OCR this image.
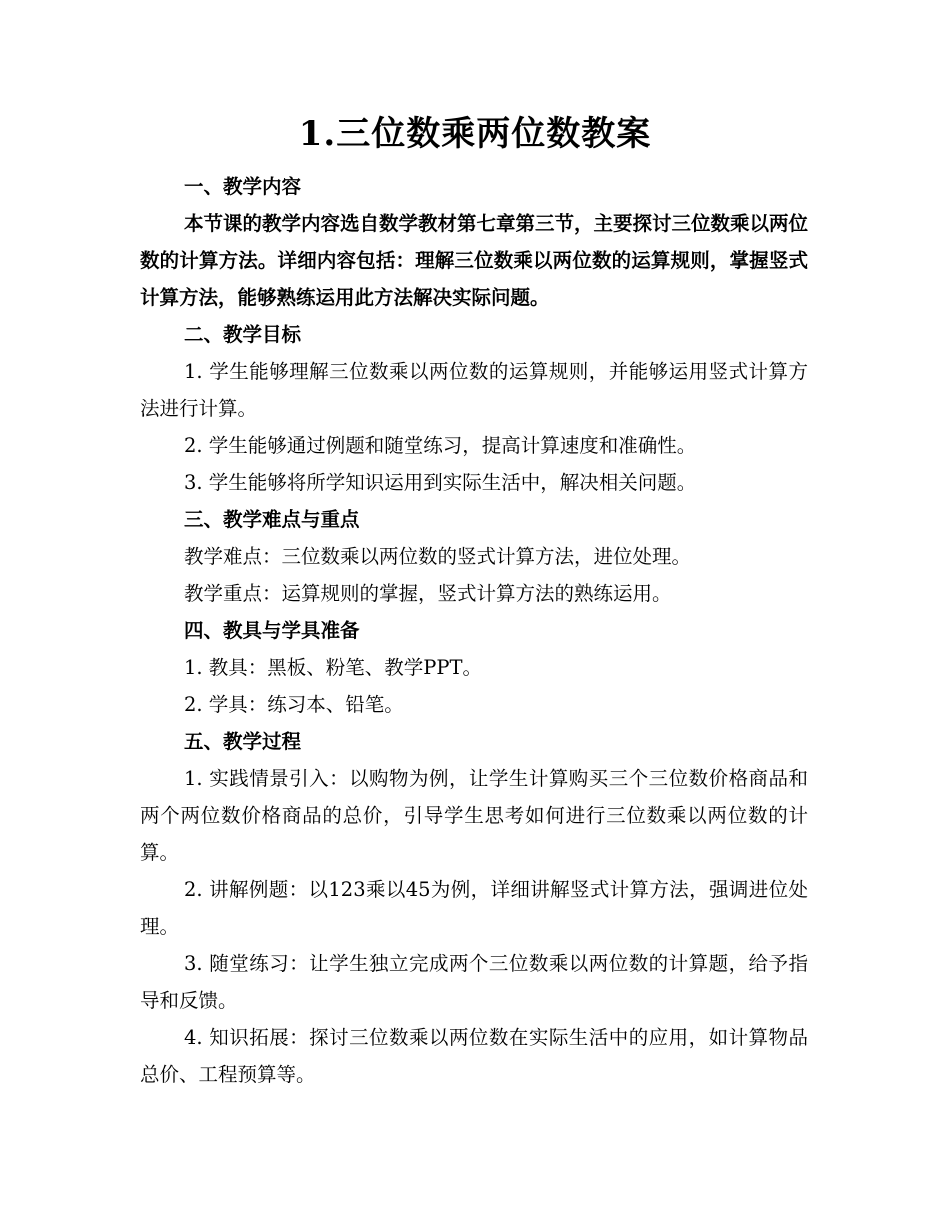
1.三位数乘两位数教案

一、教学内容

本节课的教学内容选自数学教材第七章第三节，主要探讨三位数乘以两位数的计算方法。详细内容包括：理解三位数乘以两位数的运算规则，掌握竖式计算方法，能够熟练运用此方法解决实际问题。

二、教学目标

1. 学生能够理解三位数乘以两位数的运算规则，并能够运用竖式计算方法进行计算。

2. 学生能够通过例题和随堂练习，提高计算速度和准确性。

3. 学生能够将所学知识运用到实际生活中，解决相关问题。

三、教学难点与重点

教学难点：三位数乘以两位数的竖式计算方法，进位处理。

教学重点：运算规则的掌握，竖式计算方法的熟练运用。

四、教具与学具准备

1. 教具：黑板、粉笔、教学PPT。

2. 学具：练习本、铅笔。

五、教学过程

1. 实践情景引入：以购物为例，让学生计算购买三个三位数价格商品和两个两位数价格商品的总价，引导学生思考如何进行三位数乘以两位数的计算。

2. 讲解例题：以123乘以45为例，详细讲解竖式计算方法，强调进位处理。

3. 随堂练习：让学生独立完成两个三位数乘以两位数的计算题，给予指导和反馈。

4. 知识拓展：探讨三位数乘以两位数在实际生活中的应用，如计算物品总价、工程预算等。
